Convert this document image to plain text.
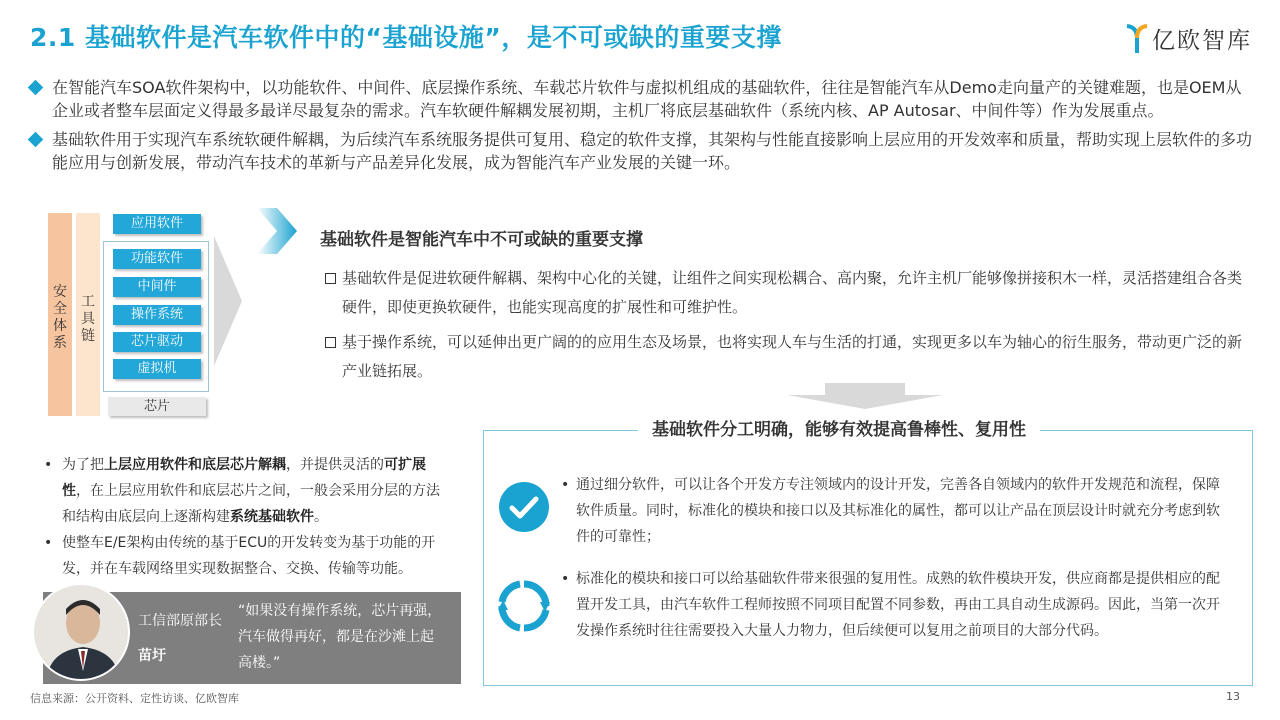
2.1 基础软件是汽车软件中的“基础设施”，是不可或缺的重要支撑	亿欧智库
在智能汽车SOA软件架构中，以功能软件、中间件、底层操作系统、车载芯片软件与虚拟机组成的基础软件，往往是智能汽车从Demo走向量产的关键难题，也是OEM从企业或者整车层面定义得最多最详尽最复杂的需求。汽车软硬件解耦发展初期，主机厂将底层基础软件（系统内核、AP Autosar、中间件等）作为发展重点。
基础软件用于实现汽车系统软硬件解耦，为后续汽车系统服务提供可复用、稳定的软件支撑，其架构与性能直接影响上层应用的开发效率和质量，帮助实现上层软件的多功能应用与创新发展，带动汽车技术的革新与产品差异化发展，成为智能汽车产业发展的关键一环。
安全体系
工具链
应用软件
功能软件
中间件
操作系统
芯片驱动
虚拟机
芯片
基础软件是智能汽车中不可或缺的重要支撑
基础软件是促进软硬件解耦、架构中心化的关键，让组件之间实现松耦合、高内聚，允许主机厂能够像拼接积木一样，灵活搭建组合各类硬件，即使更换软硬件，也能实现高度的扩展性和可维护性。
基于操作系统，可以延伸出更广阔的的应用生态及场景，也将实现人车与生活的打通，实现更多以车为轴心的衍生服务，带动更广泛的新产业链拓展。
基础软件分工明确，能够有效提高鲁棒性、复用性
• 通过细分软件，可以让各个开发方专注领域内的设计开发，完善各自领域内的软件开发规范和流程，保障软件质量。同时，标准化的模块和接口以及其标准化的属性，都可以让产品在顶层设计时就充分考虑到软件的可靠性；
• 标准化的模块和接口可以给基础软件带来很强的复用性。成熟的软件模块开发，供应商都是提供相应的配置开发工具，由汽车软件工程师按照不同项目配置不同参数，再由工具自动生成源码。因此，当第一次开发操作系统时往往需要投入大量人力物力，但后续便可以复用之前项目的大部分代码。
• 为了把上层应用软件和底层芯片解耦，并提供灵活的可扩展性，在上层应用软件和底层芯片之间，一般会采用分层的方法和结构由底层向上逐渐构建系统基础软件。
• 使整车E/E架构由传统的基于ECU的开发转变为基于功能的开发，并在车载网络里实现数据整合、交换、传输等功能。
工信部原部长
苗圩
“如果没有操作系统，芯片再强，汽车做得再好，都是在沙滩上起高楼。”
信息来源：公开资料、定性访谈、亿欧智库	13
